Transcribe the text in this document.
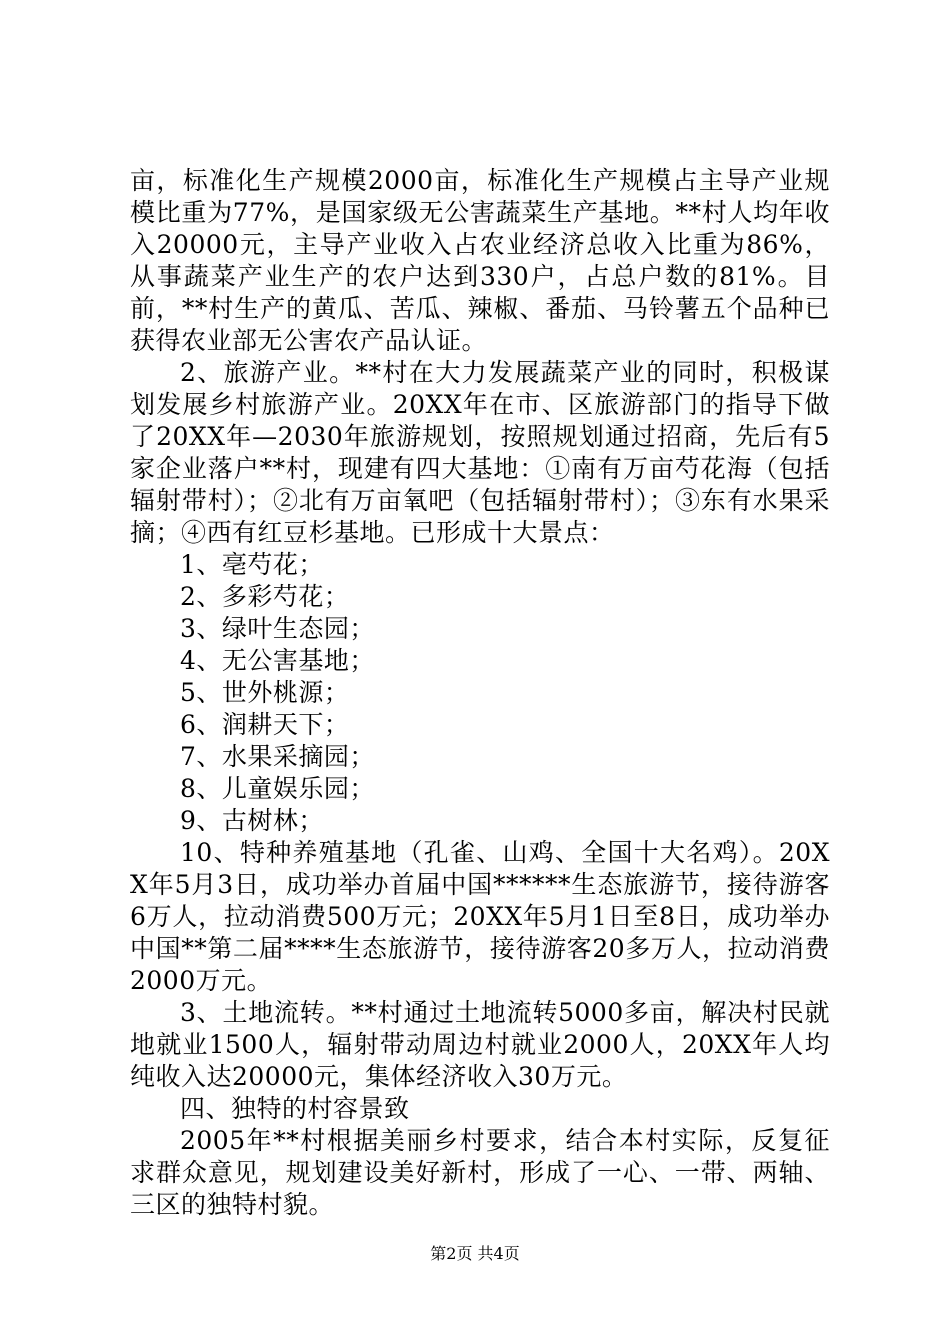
亩，标准化生产规模2000亩，标准化生产规模占主导产业规模比重为77%，是国家级无公害蔬菜生产基地。**村人均年收入20000元，主导产业收入占农业经济总收入比重为86%，从事蔬菜产业生产的农户达到330户，占总户数的81%。目前，**村生产的黄瓜、苦瓜、辣椒、番茄、马铃薯五个品种已获得农业部无公害农产品认证。

2、旅游产业。**村在大力发展蔬菜产业的同时，积极谋划发展乡村旅游产业。20XX年在市、区旅游部门的指导下做了20XX年—2030年旅游规划，按照规划通过招商，先后有5家企业落户**村，现建有四大基地：①南有万亩芍花海（包括辐射带村）；②北有万亩氧吧（包括辐射带村）；③东有水果采摘；④西有红豆杉基地。已形成十大景点：

1、亳芍花；

2、多彩芍花；

3、绿叶生态园；

4、无公害基地；

5、世外桃源；

6、润耕天下；

7、水果采摘园；

8、儿童娱乐园；

9、古树林；

10、特种养殖基地（孔雀、山鸡、全国十大名鸡）。20XX年5月3日，成功举办首届中国******生态旅游节，接待游客6万人，拉动消费500万元；20XX年5月1日至8日，成功举办中国**第二届****生态旅游节，接待游客20多万人，拉动消费2000万元。

3、土地流转。**村通过土地流转5000多亩，解决村民就地就业1500人，辐射带动周边村就业2000人，20XX年人均纯收入达20000元，集体经济收入30万元。

四、独特的村容景致

2005年**村根据美丽乡村要求，结合本村实际，反复征求群众意见，规划建设美好新村，形成了一心、一带、两轴、三区的独特村貌。

第2页 共4页
